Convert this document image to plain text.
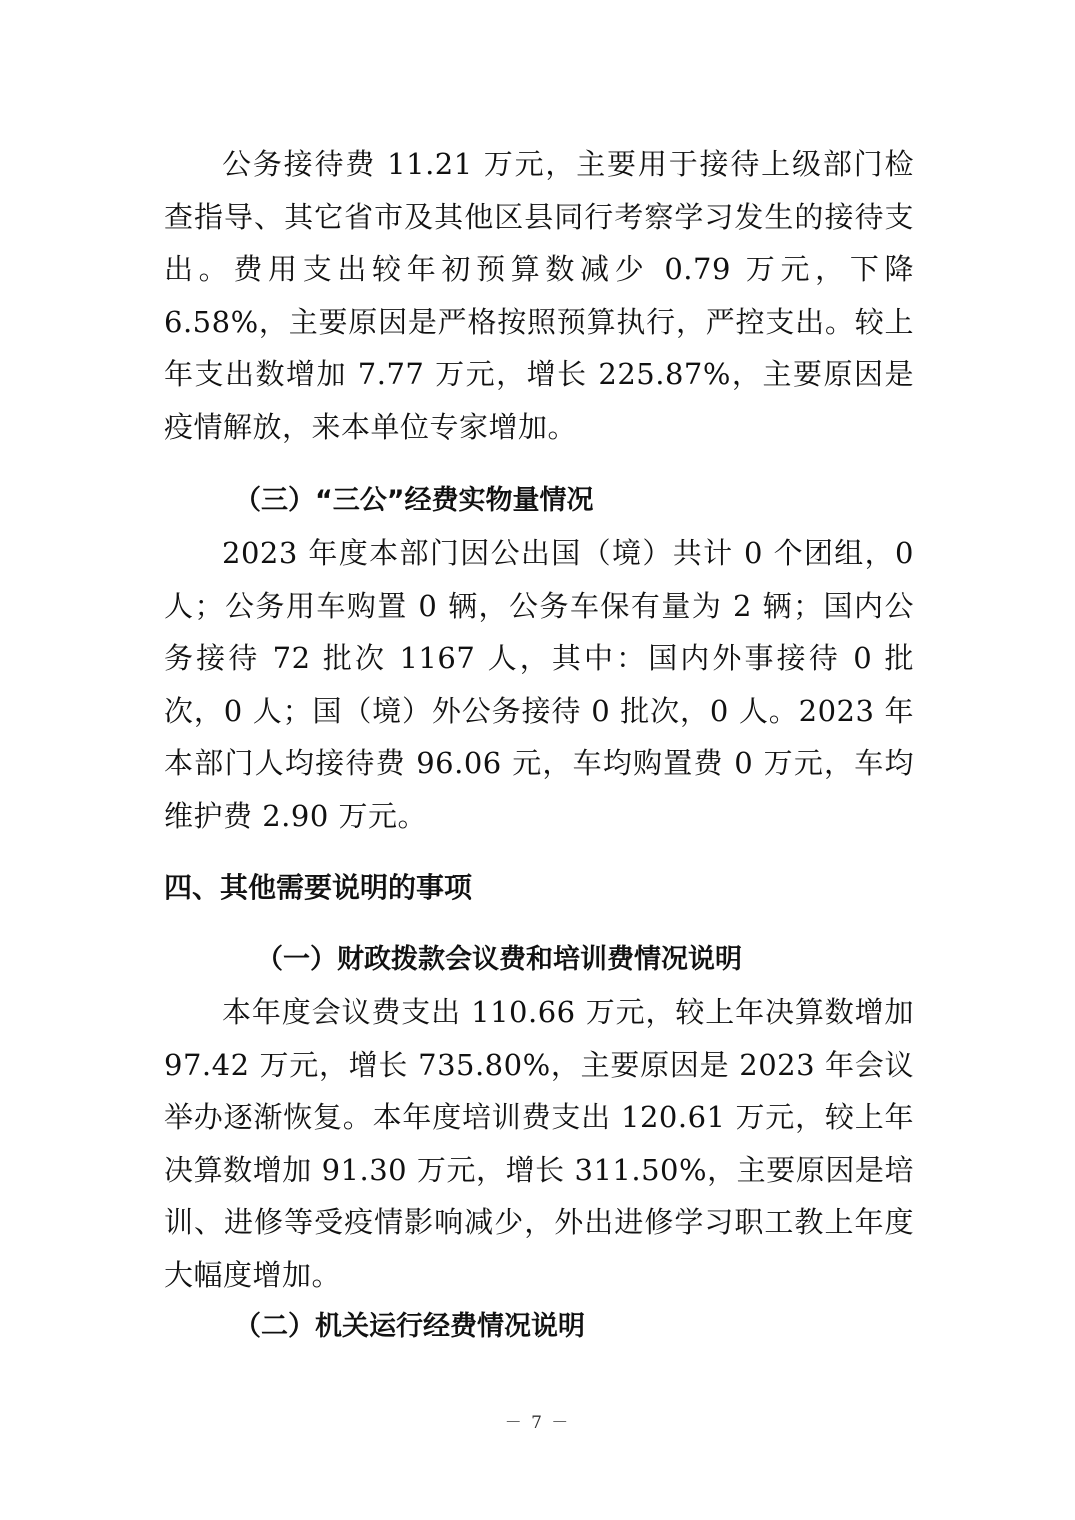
公务接待费 11.21 万元，主要用于接待上级部门检查指导、其它省市及其他区县同行考察学习发生的接待支出。费用支出较年初预算数减少 0.79 万元，下降 6.58%，主要原因是严格按照预算执行，严控支出。较上年支出数增加 7.77 万元，增长 225.87%，主要原因是疫情解放，来本单位专家增加。

（三）“三公”经费实物量情况

2023 年度本部门因公出国（境）共计 0 个团组，0 人；公务用车购置 0 辆，公务车保有量为 2 辆；国内公务接待 72 批次 1167 人，其中：国内外事接待 0 批次，0 人；国（境）外公务接待 0 批次，0 人。2023 年本部门人均接待费 96.06 元，车均购置费 0 万元，车均维护费 2.90 万元。

四、其他需要说明的事项

（一）财政拨款会议费和培训费情况说明

本年度会议费支出 110.66 万元，较上年决算数增加 97.42 万元，增长 735.80%，主要原因是 2023 年会议举办逐渐恢复。本年度培训费支出 120.61 万元，较上年决算数增加 91.30 万元，增长 311.50%，主要原因是培训、进修等受疫情影响减少，外出进修学习职工教上年度大幅度增加。

（二）机关运行经费情况说明

－ 7 －
